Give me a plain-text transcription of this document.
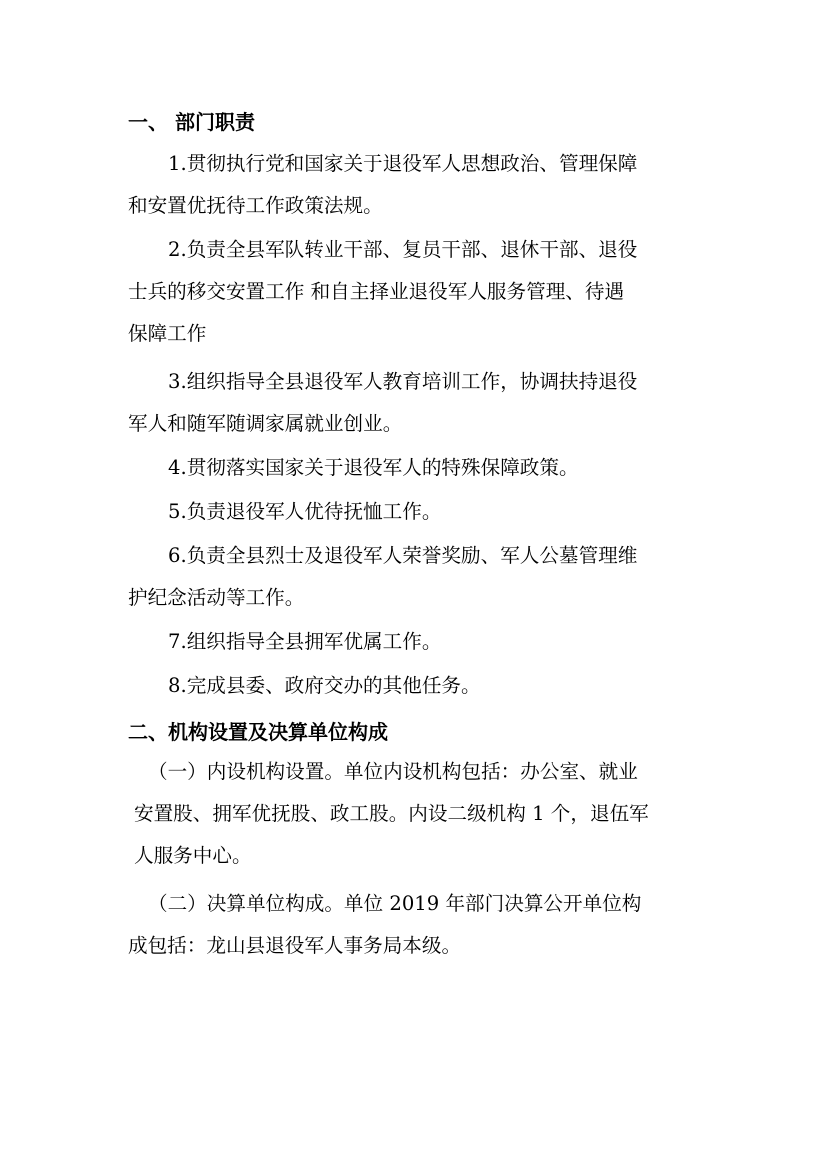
一、 部门职责
1.贯彻执行党和国家关于退役军人思想政治、管理保障
和安置优抚待工作政策法规。
2.负责全县军队转业干部、复员干部、退休干部、退役
士兵的移交安置工作 和自主择业退役军人服务管理、待遇
保障工作
3.组织指导全县退役军人教育培训工作，协调扶持退役
军人和随军随调家属就业创业。
4.贯彻落实国家关于退役军人的特殊保障政策。
5.负责退役军人优待抚恤工作。
6.负责全县烈士及退役军人荣誉奖励、军人公墓管理维
护纪念活动等工作。
7.组织指导全县拥军优属工作。
8.完成县委、政府交办的其他任务。
二、机构设置及决算单位构成
（一）内设机构设置。单位内设机构包括：办公室、就业
安置股、拥军优抚股、政工股。内设二级机构 1 个，退伍军
人服务中心。
（二）决算单位构成。单位 2019 年部门决算公开单位构
成包括：龙山县退役军人事务局本级。
